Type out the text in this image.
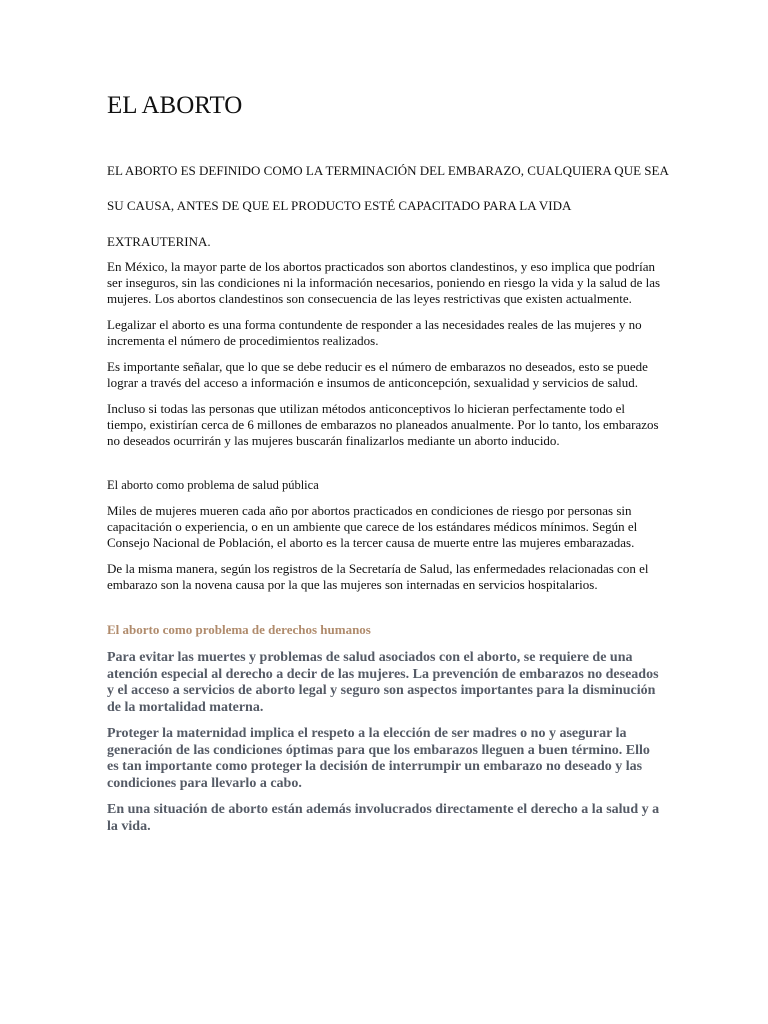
EL ABORTO

EL ABORTO ES DEFINIDO COMO LA TERMINACIÓN DEL EMBARAZO, CUALQUIERA QUE SEA

SU CAUSA, ANTES DE QUE EL PRODUCTO ESTÉ CAPACITADO PARA LA VIDA

EXTRAUTERINA.

En México, la mayor parte de los abortos practicados son abortos clandestinos, y eso implica que podrían ser inseguros, sin las condiciones ni la información necesarios, poniendo en riesgo la vida y la salud de las mujeres. Los abortos clandestinos son consecuencia de las leyes restrictivas que existen actualmente.

Legalizar el aborto es una forma contundente de responder a las necesidades reales de las mujeres y no incrementa el número de procedimientos realizados.

Es importante señalar, que lo que se debe reducir es el número de embarazos no deseados, esto se puede lograr a través del acceso a información e insumos de anticoncepción, sexualidad y servicios de salud.

Incluso si todas las personas que utilizan métodos anticonceptivos lo hicieran perfectamente todo el tiempo, existirían cerca de 6 millones de embarazos no planeados anualmente. Por lo tanto, los embarazos no deseados ocurrirán y las mujeres buscarán finalizarlos mediante un aborto inducido.

El aborto como problema de salud pública

Miles de mujeres mueren cada año por abortos practicados en condiciones de riesgo por personas sin capacitación o experiencia, o en un ambiente que carece de los estándares médicos mínimos. Según el Consejo Nacional de Población, el aborto es la tercer causa de muerte entre las mujeres embarazadas.

De la misma manera, según los registros de la Secretaría de Salud, las enfermedades relacionadas con el embarazo son la novena causa por la que las mujeres son internadas en servicios hospitalarios.

El aborto como problema de derechos humanos

Para evitar las muertes y problemas de salud asociados con el aborto, se requiere de una atención especial al derecho a decir de las mujeres. La prevención de embarazos no deseados y el acceso a servicios de aborto legal y seguro son aspectos importantes para la disminución de la mortalidad materna.

Proteger la maternidad implica el respeto a la elección de ser madres o no y asegurar la generación de las condiciones óptimas para que los embarazos lleguen a buen término. Ello es tan importante como proteger la decisión de interrumpir un embarazo no deseado y las condiciones para llevarlo a cabo.

En una situación de aborto están además involucrados directamente el derecho a la salud y a la vida.
